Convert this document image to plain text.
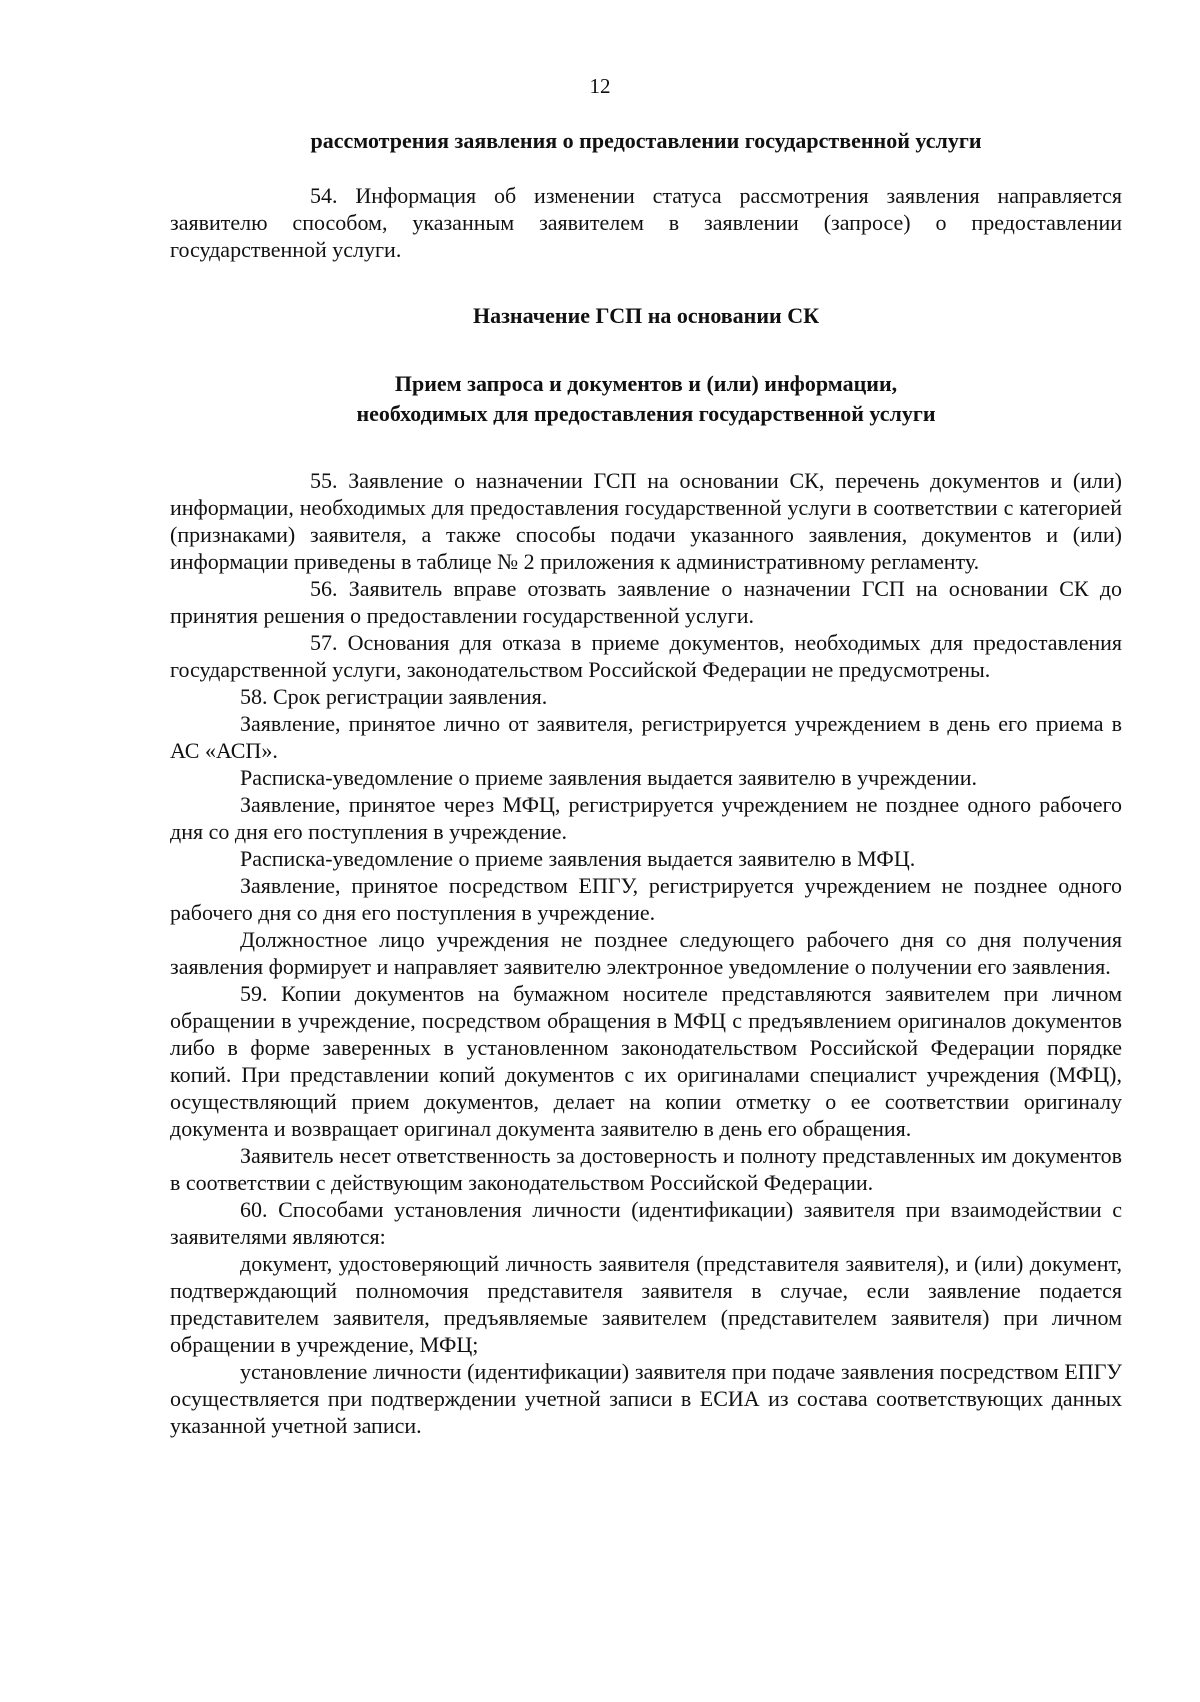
12

рассмотрения заявления о предоставлении государственной услуги

54. Информация об изменении статуса рассмотрения заявления направляется заявителю способом, указанным заявителем в заявлении (запросе) о предоставлении государственной услуги.

Назначение ГСП на основании СК

Прием запроса и документов и (или) информации,

необходимых для предоставления государственной услуги

55. Заявление о назначении ГСП на основании СК, перечень документов и (или) информации, необходимых для предоставления государственной услуги в соответствии с категорией (признаками) заявителя, а также способы подачи указанного заявления, документов и (или) информации приведены в таблице № 2 приложения к административному регламенту.

56. Заявитель вправе отозвать заявление о назначении ГСП на основании СК до принятия решения о предоставлении государственной услуги.

57. Основания для отказа в приеме документов, необходимых для предоставления государственной услуги, законодательством Российской Федерации не предусмотрены.

58. Срок регистрации заявления.

Заявление, принятое лично от заявителя, регистрируется учреждением в день его приема в АС «АСП».

Расписка-уведомление о приеме заявления выдается заявителю в учреждении.

Заявление, принятое через МФЦ, регистрируется учреждением не позднее одного рабочего дня со дня его поступления в учреждение.

Расписка-уведомление о приеме заявления выдается заявителю в МФЦ.

Заявление, принятое посредством ЕПГУ, регистрируется учреждением не позднее одного рабочего дня со дня его поступления в учреждение.

Должностное лицо учреждения не позднее следующего рабочего дня со дня получения заявления формирует и направляет заявителю электронное уведомление о получении его заявления.

59. Копии документов на бумажном носителе представляются заявителем при личном обращении в учреждение, посредством обращения в МФЦ с предъявлением оригиналов документов либо в форме заверенных в установленном законодательством Российской Федерации порядке копий. При представлении копий документов с их оригиналами специалист учреждения (МФЦ), осуществляющий прием документов, делает на копии отметку о ее соответствии оригиналу документа и возвращает оригинал документа заявителю в день его обращения.

Заявитель несет ответственность за достоверность и полноту представленных им документов в соответствии с действующим законодательством Российской Федерации.

60. Способами установления личности (идентификации) заявителя при взаимодействии с заявителями являются:

документ, удостоверяющий личность заявителя (представителя заявителя), и (или) документ, подтверждающий полномочия представителя заявителя в случае, если заявление подается представителем заявителя, предъявляемые заявителем (представителем заявителя) при личном обращении в учреждение, МФЦ;

установление личности (идентификации) заявителя при подаче заявления посредством ЕПГУ осуществляется при подтверждении учетной записи в ЕСИА из состава соответствующих данных указанной учетной записи.
